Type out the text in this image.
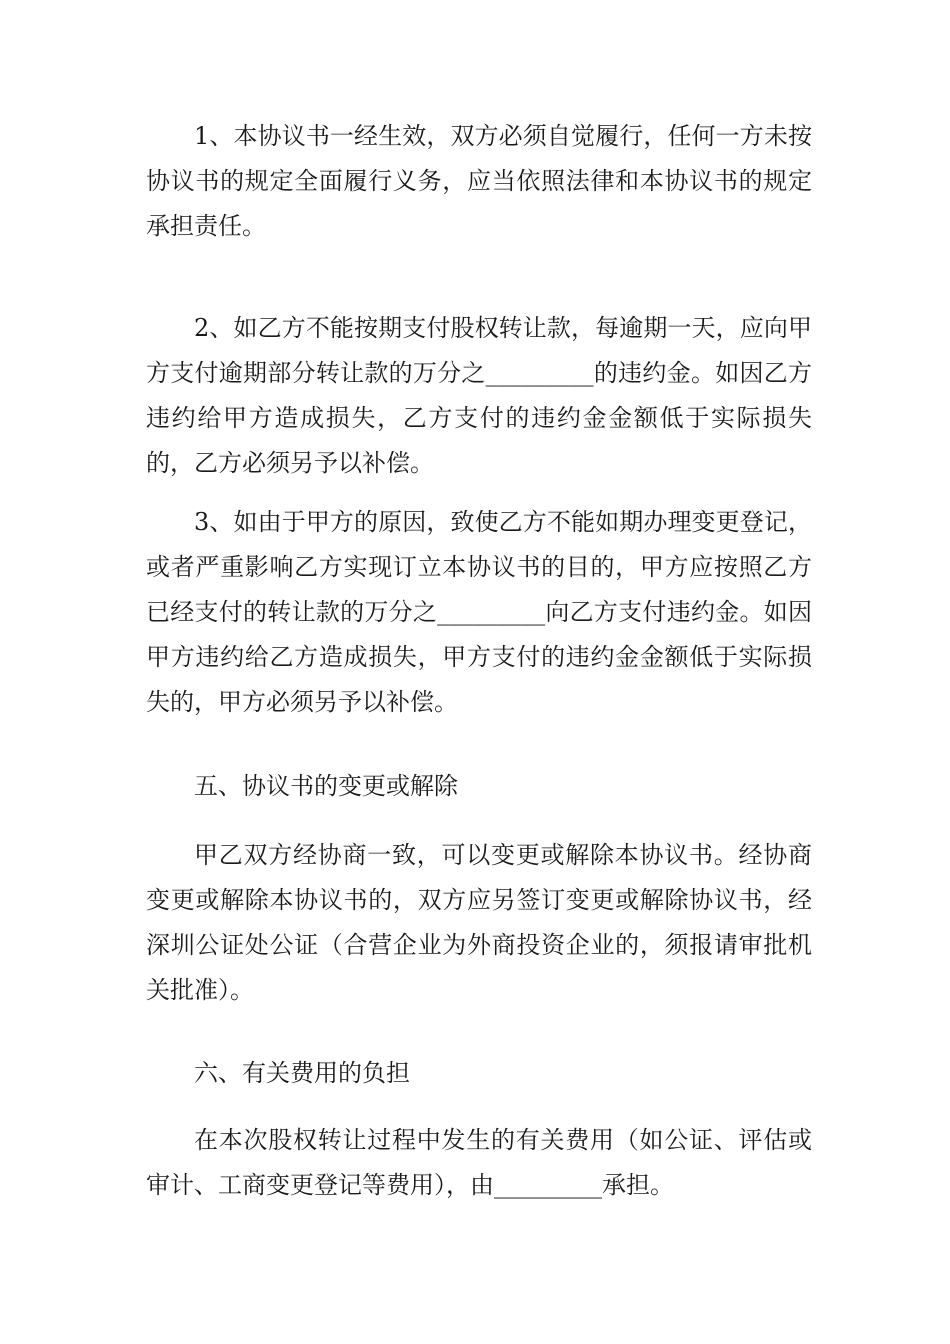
1、本协议书一经生效，双方必须自觉履行，任何一方未按协议书的规定全面履行义务，应当依照法律和本协议书的规定承担责任。

2、如乙方不能按期支付股权转让款，每逾期一天，应向甲方支付逾期部分转让款的万分之_________的违约金。如因乙方违约给甲方造成损失，乙方支付的违约金金额低于实际损失的，乙方必须另予以补偿。

3、如由于甲方的原因，致使乙方不能如期办理变更登记，或者严重影响乙方实现订立本协议书的目的，甲方应按照乙方已经支付的转让款的万分之_________向乙方支付违约金。如因甲方违约给乙方造成损失，甲方支付的违约金金额低于实际损失的，甲方必须另予以补偿。

五、协议书的变更或解除

甲乙双方经协商一致，可以变更或解除本协议书。经协商变更或解除本协议书的，双方应另签订变更或解除协议书，经深圳公证处公证（合营企业为外商投资企业的，须报请审批机关批准）。

六、有关费用的负担

在本次股权转让过程中发生的有关费用（如公证、评估或审计、工商变更登记等费用），由_________承担。
